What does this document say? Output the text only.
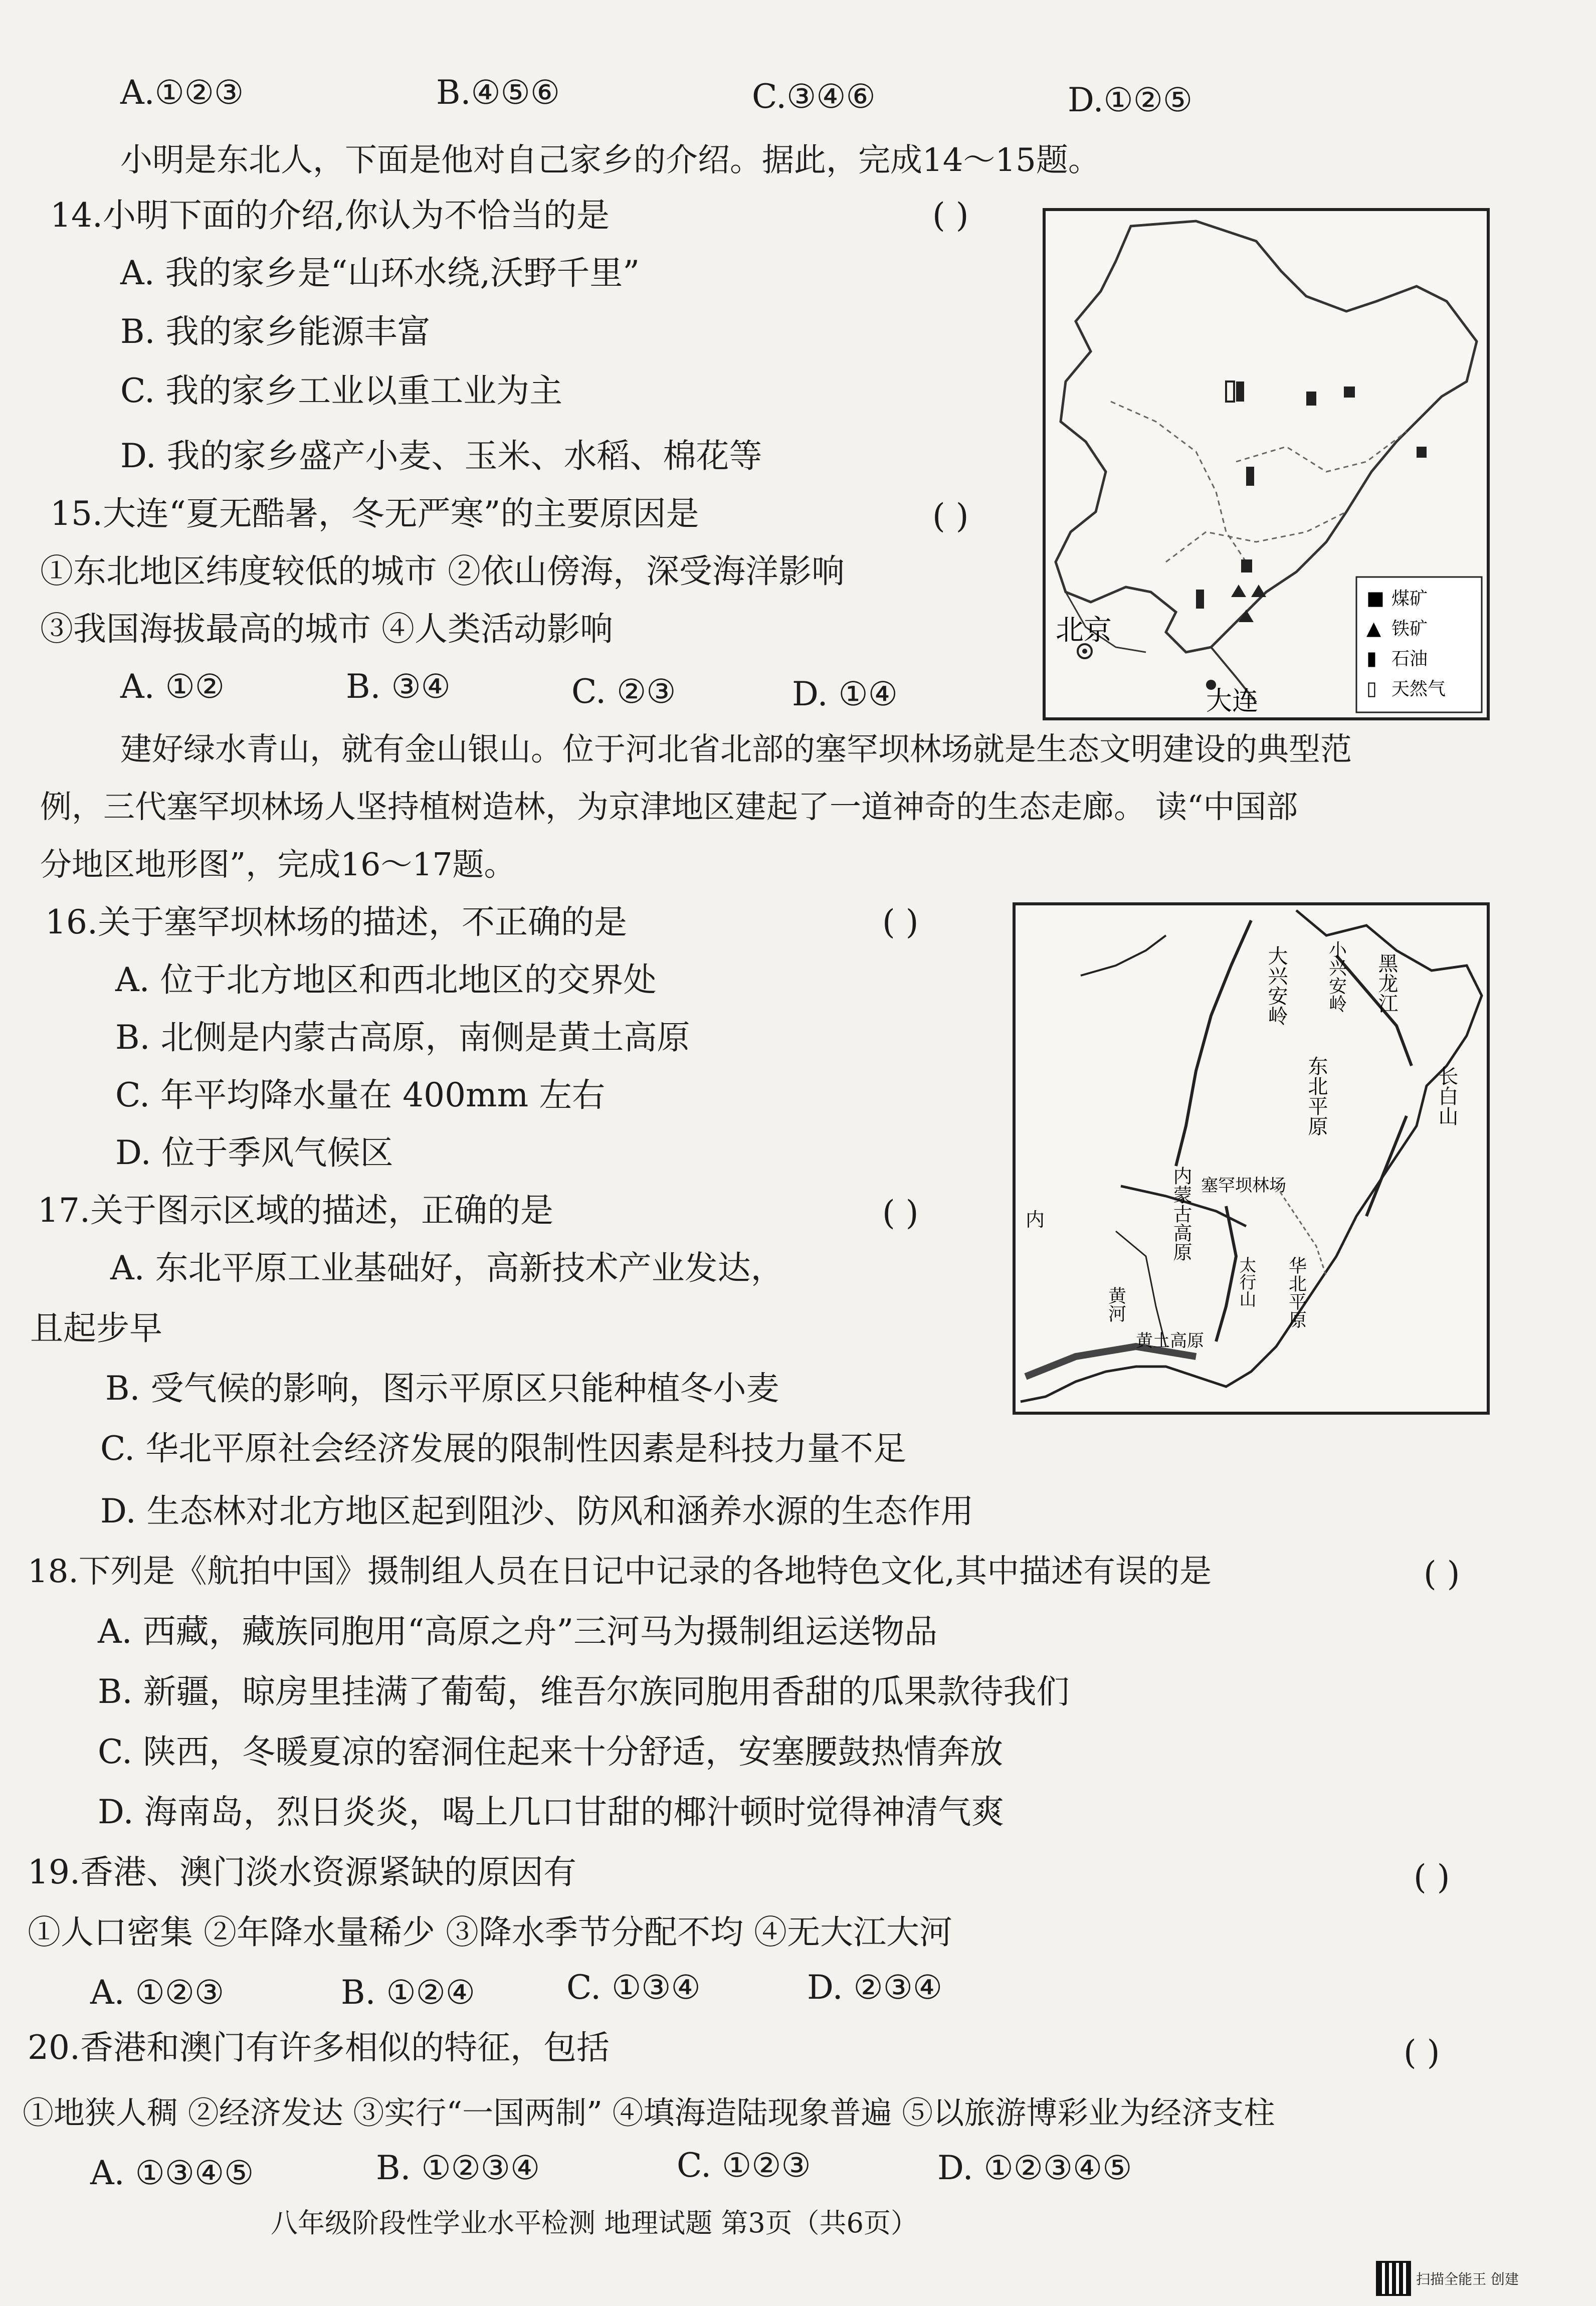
A.①②③	B.④⑤⑥	C.③④⑥	D.①②⑤
小明是东北人，下面是他对自己家乡的介绍。据此，完成14～15题。
14.小明下面的介绍,你认为不恰当的是	( )
A. 我的家乡是“山环水绕,沃野千里”
B. 我的家乡能源丰富
C. 我的家乡工业以重工业为主
D. 我的家乡盛产小麦、玉米、水稻、棉花等
15.大连“夏无酷暑，冬无严寒”的主要原因是	( )
①东北地区纬度较低的城市 ②依山傍海，深受海洋影响
③我国海拔最高的城市 ④人类活动影响
A. ①②	B. ③④	C. ②③	D. ①④
北京
大连
■ 煤矿
▲ 铁矿
▮ 石油
▯ 天然气
建好绿水青山，就有金山银山。位于河北省北部的塞罕坝林场就是生态文明建设的典型范
例，三代塞罕坝林场人坚持植树造林，为京津地区建起了一道神奇的生态走廊。 读“中国部
分地区地形图”，完成16～17题。
16.关于塞罕坝林场的描述，不正确的是	( )
A. 位于北方地区和西北地区的交界处
B. 北侧是内蒙古高原，南侧是黄土高原
C. 年平均降水量在 400mm 左右
D. 位于季风气候区
17.关于图示区域的描述，正确的是	( )
A. 东北平原工业基础好，高新技术产业发达，
且起步早
B. 受气候的影响，图示平原区只能种植冬小麦
C. 华北平原社会经济发展的限制性因素是科技力量不足
D. 生态林对北方地区起到阻沙、防风和涵养水源的生态作用
黑龙江
大兴安岭 小兴安岭
东北平原	长白山
内蒙古高原 塞罕坝林场
黄河
黄土高原
太行山 华北平原
内
18.下列是《航拍中国》摄制组人员在日记中记录的各地特色文化,其中描述有误的是	( )
A. 西藏，藏族同胞用“高原之舟”三河马为摄制组运送物品
B. 新疆，晾房里挂满了葡萄，维吾尔族同胞用香甜的瓜果款待我们
C. 陕西，冬暖夏凉的窑洞住起来十分舒适，安塞腰鼓热情奔放
D. 海南岛，烈日炎炎，喝上几口甘甜的椰汁顿时觉得神清气爽
19.香港、澳门淡水资源紧缺的原因有	( )
①人口密集 ②年降水量稀少 ③降水季节分配不均 ④无大江大河
A. ①②③	B. ①②④	C. ①③④	D. ②③④
20.香港和澳门有许多相似的特征，包括	( )
①地狭人稠 ②经济发达 ③实行“一国两制” ④填海造陆现象普遍 ⑤以旅游博彩业为经济支柱
A. ①③④⑤	B. ①②③④	C. ①②③	D. ①②③④⑤
八年级阶段性学业水平检测 地理试题 第3页（共6页）
扫描全能王 创建
